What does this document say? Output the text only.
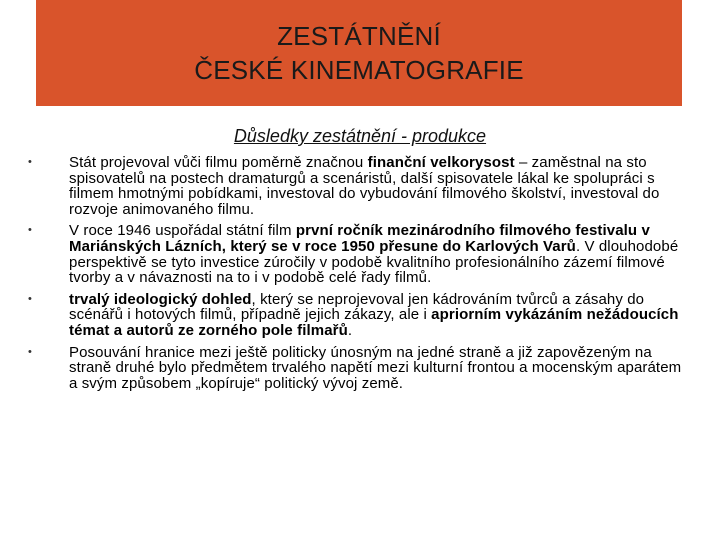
ZESTÁTNĚNÍ
ČESKÉ KINEMATOGRAFIE
Důsledky zestátnění - produkce
• Stát projevoval vůči filmu poměrně značnou finanční velkorysost – zaměstnal na sto spisovatelů na postech dramaturgů a scenáristů, další spisovatele lákal ke spolupráci s filmem hmotnými pobídkami, investoval do vybudování filmového školství, investoval do rozvoje animovaného filmu.
• V roce 1946 uspořádal státní film první ročník mezinárodního filmového festivalu v Mariánských Lázních, který se v roce 1950 přesune do Karlových Varů. V dlouhodobé perspektivě se tyto investice zúročily v podobě kvalitního profesionálního zázemí filmové tvorby a v návaznosti na to i v podobě celé řady filmů.
• trvalý ideologický dohled, který se neprojevoval jen kádrováním tvůrců a zásahy do scénářů i hotových filmů, případně jejich zákazy, ale i apriorním vykázáním nežádoucích témat a autorů ze zorného pole filmařů.
• Posouvání hranice mezi ještě politicky únosným na jedné straně a již zapovězeným na straně druhé bylo předmětem trvalého napětí mezi kulturní frontou a mocenským aparátem a svým způsobem „kopíruje“ politický vývoj země.
